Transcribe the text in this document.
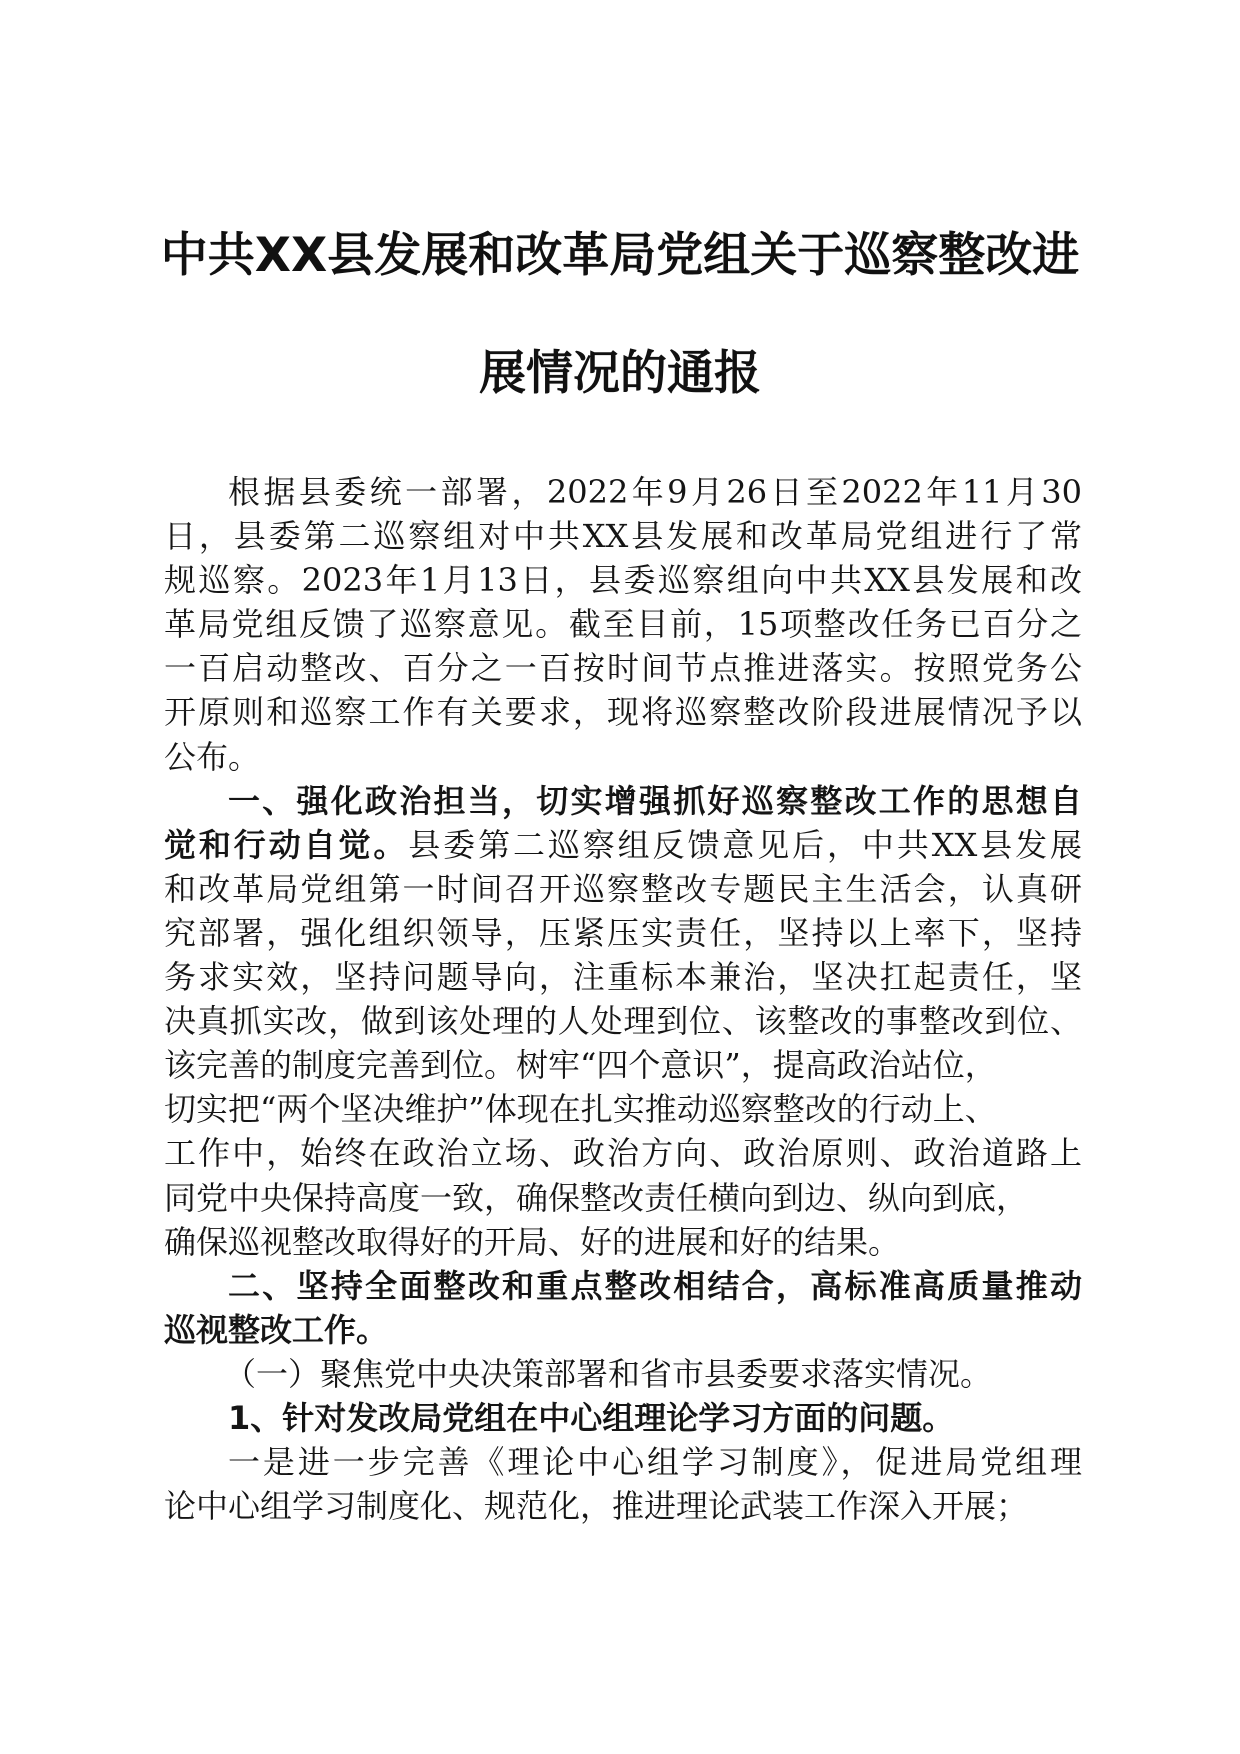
中共XX县发展和改革局党组关于巡察整改进
展情况的通报
根据县委统一部署，2022年9月26日至2022年11月30
日，县委第二巡察组对中共XX县发展和改革局党组进行了常
规巡察。2023年1月13日，县委巡察组向中共XX县发展和改
革局党组反馈了巡察意见。截至目前，15项整改任务已百分之
一百启动整改、百分之一百按时间节点推进落实。按照党务公
开原则和巡察工作有关要求，现将巡察整改阶段进展情况予以
公布。
一、强化政治担当，切实增强抓好巡察整改工作的思想自
觉和行动自觉。县委第二巡察组反馈意见后，中共XX县发展
和改革局党组第一时间召开巡察整改专题民主生活会，认真研
究部署，强化组织领导，压紧压实责任，坚持以上率下，坚持
务求实效，坚持问题导向，注重标本兼治，坚决扛起责任，坚
决真抓实改，做到该处理的人处理到位、该整改的事整改到位、
该完善的制度完善到位。树牢“四个意识”，提高政治站位，
切实把“两个坚决维护”体现在扎实推动巡察整改的行动上、
工作中，始终在政治立场、政治方向、政治原则、政治道路上
同党中央保持高度一致，确保整改责任横向到边、纵向到底，
确保巡视整改取得好的开局、好的进展和好的结果。
二、坚持全面整改和重点整改相结合，高标准高质量推动
巡视整改工作。
（一）聚焦党中央决策部署和省市县委要求落实情况。
1、针对发改局党组在中心组理论学习方面的问题。
一是进一步完善《理论中心组学习制度》，促进局党组理
论中心组学习制度化、规范化，推进理论武装工作深入开展；
